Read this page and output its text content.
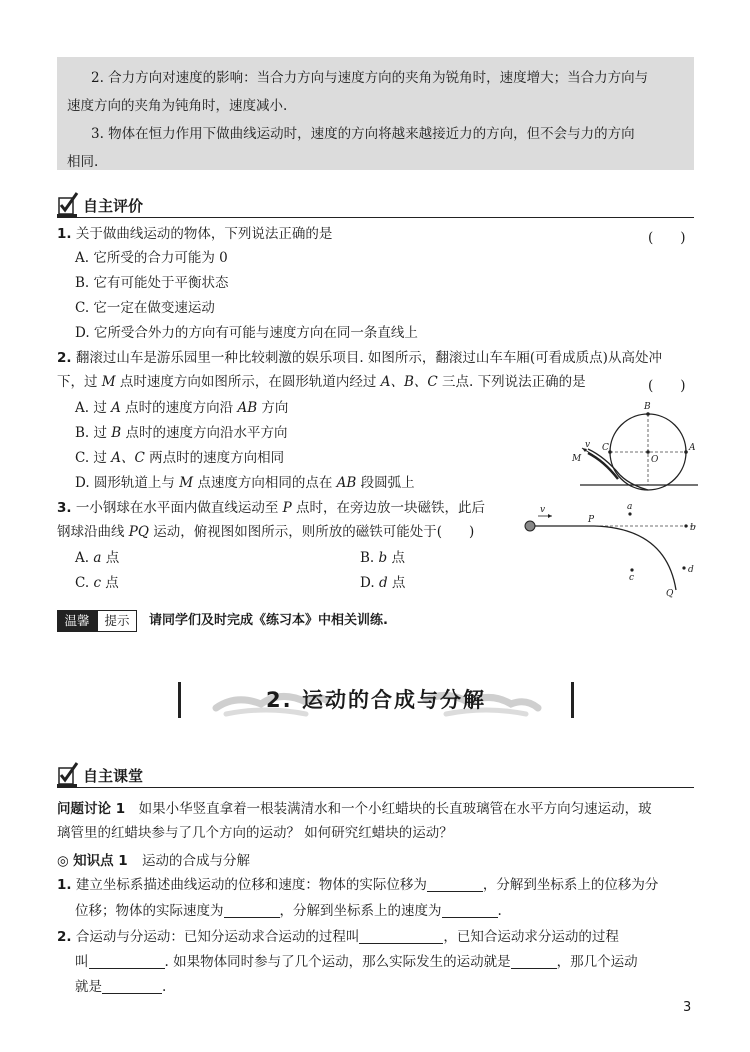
2. 合力方向对速度的影响：当合力方向与速度方向的夹角为锐角时，速度增大；当合力方向与

速度方向的夹角为钝角时，速度减小.

3. 物体在恒力作用下做曲线运动时，速度的方向将越来越接近力的方向，但不会与力的方向

相同.

自主评价
1. 关于做曲线运动的物体，下列说法正确的是	(　　)
A. 它所受的合力可能为 0
B. 它有可能处于平衡状态
C. 它一定在做变速运动
D. 它所受合外力的方向有可能与速度方向在同一条直线上
2. 翻滚过山车是游乐园里一种比较刺激的娱乐项目. 如图所示，翻滚过山车车厢(可看成质点)从高处冲
下，过 M 点时速度方向如图所示，在圆形轨道内经过 A、B、C 三点. 下列说法正确的是	(　　)
A. 过 A 点时的速度方向沿 AB 方向
B. 过 B 点时的速度方向沿水平方向
C. 过 A、C 两点时的速度方向相同
D. 圆形轨道上与 M 点速度方向相同的点在 AB 段圆弧上
B
A
C
O
M
v
3. 一小钢球在水平面内做直线运动至 P 点时，在旁边放一块磁铁，此后
钢球沿曲线 PQ 运动，俯视图如图所示，则所放的磁铁可能处于(　　)
A. a 点	B. b 点
C. c 点	D. d 点
v
P
a
b
c
d
Q
温馨	提示	请同学们及时完成《练习本》中相关训练.
2. 运动的合成与分解
自主课堂
问题讨论 1　如果小华竖直拿着一根装满清水和一个小红蜡块的长直玻璃管在水平方向匀速运动，玻
璃管里的红蜡块参与了几个方向的运动？ 如何研究红蜡块的运动？
◎ 知识点 1 运动的合成与分解
1. 建立坐标系描述曲线运动的位移和速度：物体的实际位移为	，分解到坐标系上的位移为分
位移；物体的实际速度为	，分解到坐标系上的速度为	.
2. 合运动与分运动：已知分运动求合运动的过程叫	，已知合运动求分运动的过程
叫	. 如果物体同时参与了几个运动，那么实际发生的运动就是	，那几个运动
就是	.
3
